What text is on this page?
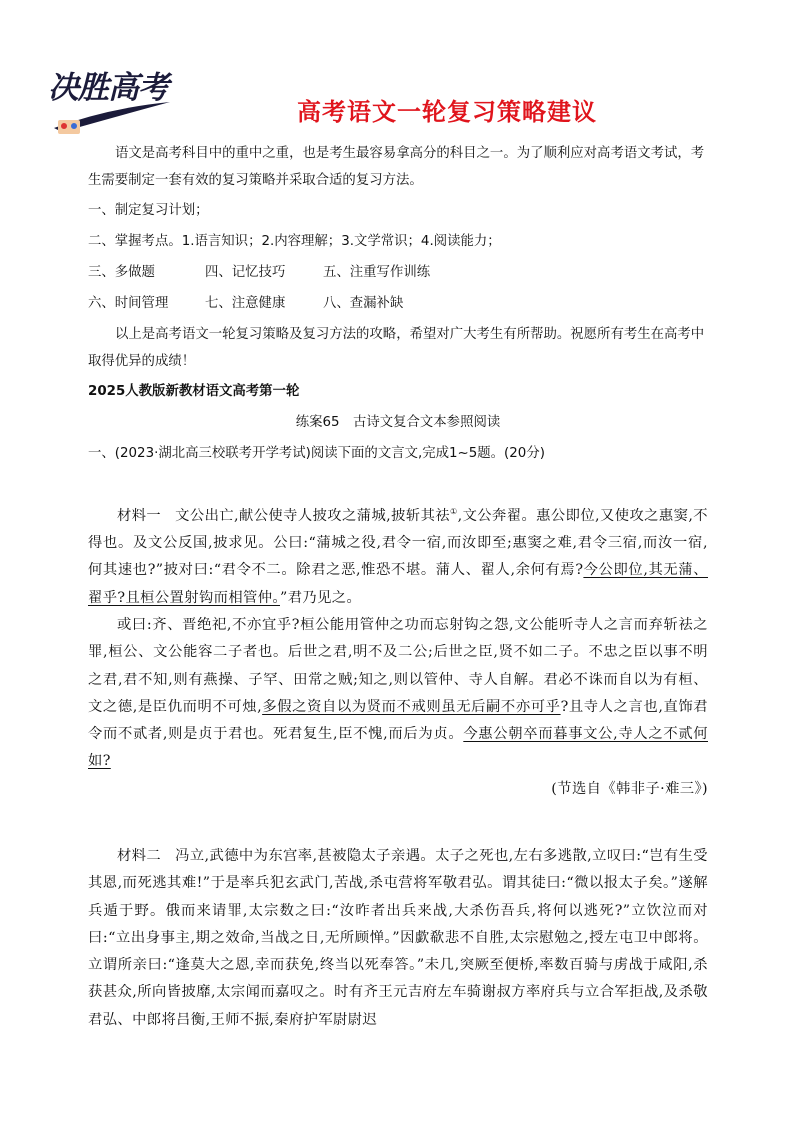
决胜高考
高考语文一轮复习策略建议

语文是高考科目中的重中之重，也是考生最容易拿高分的科目之一。为了顺利应对高考语文考试，考生需要制定一套有效的复习策略并采取合适的复习方法。

一、制定复习计划；

二、掌握考点。1.语言知识；2.内容理解；3.文学常识；4.阅读能力；

三、多做题	四、记忆技巧	五、注重写作训练

六、时间管理	七、注意健康	八、查漏补缺

以上是高考语文一轮复习策略及复习方法的攻略，希望对广大考生有所帮助。祝愿所有考生在高考中取得优异的成绩！

2025人教版新教材语文高考第一轮

练案65　古诗文复合文本参照阅读

一、(2023·湖北高三校联考开学考试)阅读下面的文言文,完成1~5题。(20分)

材料一 文公出亡,献公使寺人披攻之蒲城,披斩其祛①,文公奔翟。惠公即位,又使攻之惠窦,不得也。及文公反国,披求见。公曰:“蒲城之役,君令一宿,而汝即至;惠窦之难,君令三宿,而汝一宿,何其速也?”披对曰:“君令不二。除君之恶,惟恐不堪。蒲人、翟人,余何有焉?今公即位,其无蒲、翟乎?且桓公置射钩而相管仲。”君乃见之。

或曰:齐、晋绝祀,不亦宜乎?桓公能用管仲之功而忘射钩之怨,文公能听寺人之言而弃斩祛之罪,桓公、文公能容二子者也。后世之君,明不及二公;后世之臣,贤不如二子。不忠之臣以事不明之君,君不知,则有燕操、子罕、田常之贼;知之,则以管仲、寺人自解。君必不诛而自以为有桓、文之德,是臣仇而明不可烛,多假之资自以为贤而不戒则虽无后嗣不亦可乎?且寺人之言也,直饰君令而不贰者,则是贞于君也。死君复生,臣不愧,而后为贞。今惠公朝卒而暮事文公,寺人之不贰何如?

(节选自《韩非子·难三》)

材料二 冯立,武德中为东宫率,甚被隐太子亲遇。太子之死也,左右多逃散,立叹曰:“岂有生受其恩,而死逃其难!”于是率兵犯玄武门,苦战,杀屯营将军敬君弘。谓其徒曰:“微以报太子矣。”遂解兵遁于野。俄而来请罪,太宗数之曰:“汝昨者出兵来战,大杀伤吾兵,将何以逃死?”立饮泣而对曰:“立出身事主,期之效命,当战之日,无所顾惮。”因歔欷悲不自胜,太宗慰勉之,授左屯卫中郎将。立谓所亲曰:“逢莫大之恩,幸而获免,终当以死奉答。”未几,突厥至便桥,率数百骑与虏战于咸阳,杀获甚众,所向皆披靡,太宗闻而嘉叹之。时有齐王元吉府左车骑谢叔方率府兵与立合军拒战,及杀敬君弘、中郎将吕衡,王师不振,秦府护军尉尉迟
